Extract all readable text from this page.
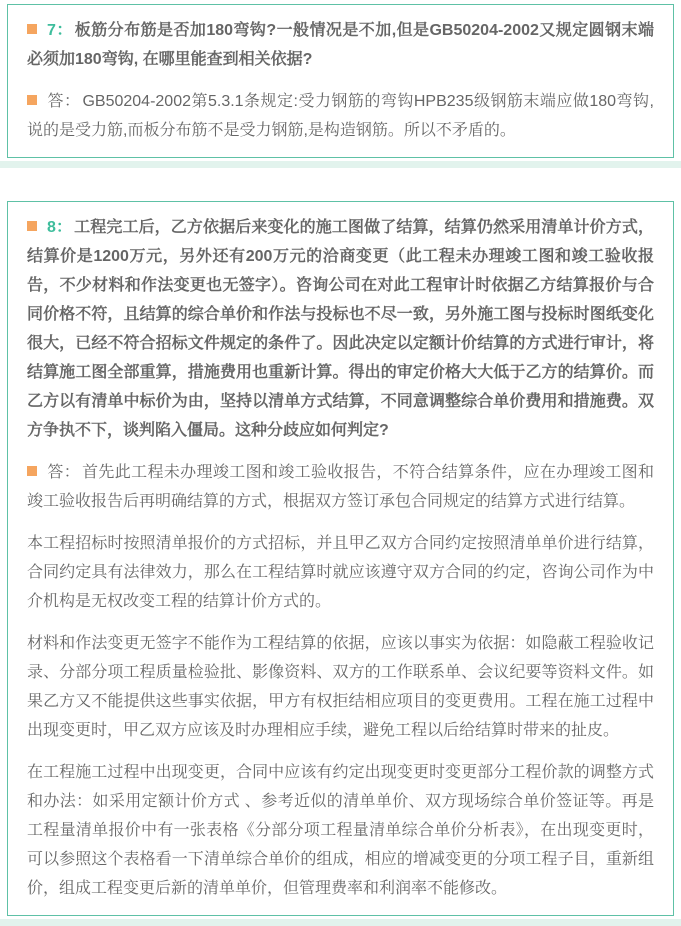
7： 板筋分布筋是否加180弯钩?一般情况是不加,但是GB50204-2002又规定圆钢末端必须加180弯钩, 在哪里能查到相关依据?

答： GB50204-2002第5.3.1条规定:受力钢筋的弯钩HPB235级钢筋末端应做180弯钩,说的是受力筋,而板分布筋不是受力钢筋,是构造钢筋。所以不矛盾的。

8： 工程完工后，乙方依据后来变化的施工图做了结算，结算仍然采用清单计价方式，结算价是1200万元，另外还有200万元的洽商变更（此工程未办理竣工图和竣工验收报告，不少材料和作法变更也无签字）。咨询公司在对此工程审计时依据乙方结算报价与合同价格不符，且结算的综合单价和作法与投标也不尽一致，另外施工图与投标时图纸变化很大，已经不符合招标文件规定的条件了。因此决定以定额计价结算的方式进行审计，将结算施工图全部重算，措施费用也重新计算。得出的审定价格大大低于乙方的结算价。而乙方以有清单中标价为由，坚持以清单方式结算，不同意调整综合单价费用和措施费。双方争执不下，谈判陷入僵局。这种分歧应如何判定?

答： 首先此工程未办理竣工图和竣工验收报告，不符合结算条件，应在办理竣工图和竣工验收报告后再明确结算的方式，根据双方签订承包合同规定的结算方式进行结算。

本工程招标时按照清单报价的方式招标，并且甲乙双方合同约定按照清单单价进行结算，合同约定具有法律效力，那么在工程结算时就应该遵守双方合同的约定，咨询公司作为中介机构是无权改变工程的结算计价方式的。

材料和作法变更无签字不能作为工程结算的依据，应该以事实为依据：如隐蔽工程验收记录、分部分项工程质量检验批、影像资料、双方的工作联系单、会议纪要等资料文件。如果乙方又不能提供这些事实依据，甲方有权拒结相应项目的变更费用。工程在施工过程中出现变更时，甲乙双方应该及时办理相应手续，避免工程以后给结算时带来的扯皮。

在工程施工过程中出现变更，合同中应该有约定出现变更时变更部分工程价款的调整方式和办法：如采用定额计价方式 、参考近似的清单单价、双方现场综合单价签证等。再是工程量清单报价中有一张表格《分部分项工程量清单综合单价分析表》，在出现变更时，可以参照这个表格看一下清单综合单价的组成，相应的增减变更的分项工程子目，重新组价，组成工程变更后新的清单单价，但管理费率和利润率不能修改。
